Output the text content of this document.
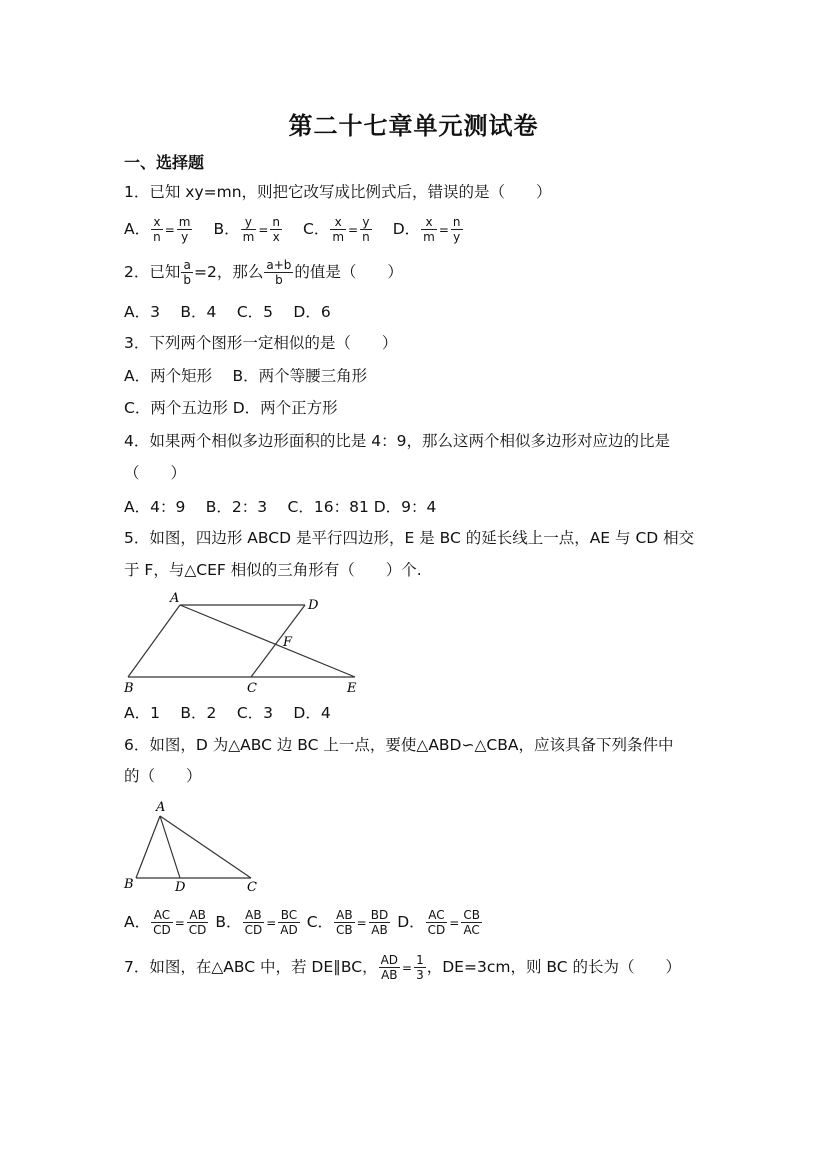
第二十七章单元测试卷
一、选择题
1．已知 xy=mn，则把它改写成比例式后，错误的是（　　）
A． $\frac{x}{n} = \frac{m}{y}$ B． $\frac{y}{m} = \frac{n}{x}$ C． $\frac{x}{m} = \frac{y}{n}$ D． $\frac{x}{m} = \frac{n}{y}$
2．已知 $\frac{a}{b} =2$，那么 $\frac{a+b}{b}$ 的值是（　　）
A．3　 B．4　 C．5　 D．6
3．下列两个图形一定相似的是（　　）
A．两个矩形　 B．两个等腰三角形
C．两个五边形 D．两个正方形
4．如果两个相似多边形面积的比是 4：9，那么这两个相似多边形对应边的比是
（　　）
A．4：9　 B．2：3　 C．16：81 D．9：4
5．如图，四边形 ABCD 是平行四边形，E 是 BC 的延长线上一点，AE 与 CD 相交
于 F，与△CEF 相似的三角形有（　　）个.
A	D
F
B	C	E
A．1　 B．2　 C．3　 D．4
6．如图，D 为△ABC 边 BC 上一点，要使△ABD∽△CBA，应该具备下列条件中
的（　　）
A
B	D	C
A． $\frac{AC}{CD} = \frac{AB}{CD}$ B． $\frac{AB}{CD} = \frac{BC}{AD}$ C． $\frac{AB}{CB} = \frac{BD}{AB}$ D． $\frac{AC}{CD} = \frac{CB}{AC}$
7．如图，在△ABC 中，若 DE∥BC， $\frac{AD}{AB} = \frac{1}{3}$ ，DE=3cm，则 BC 的长为（　　）
